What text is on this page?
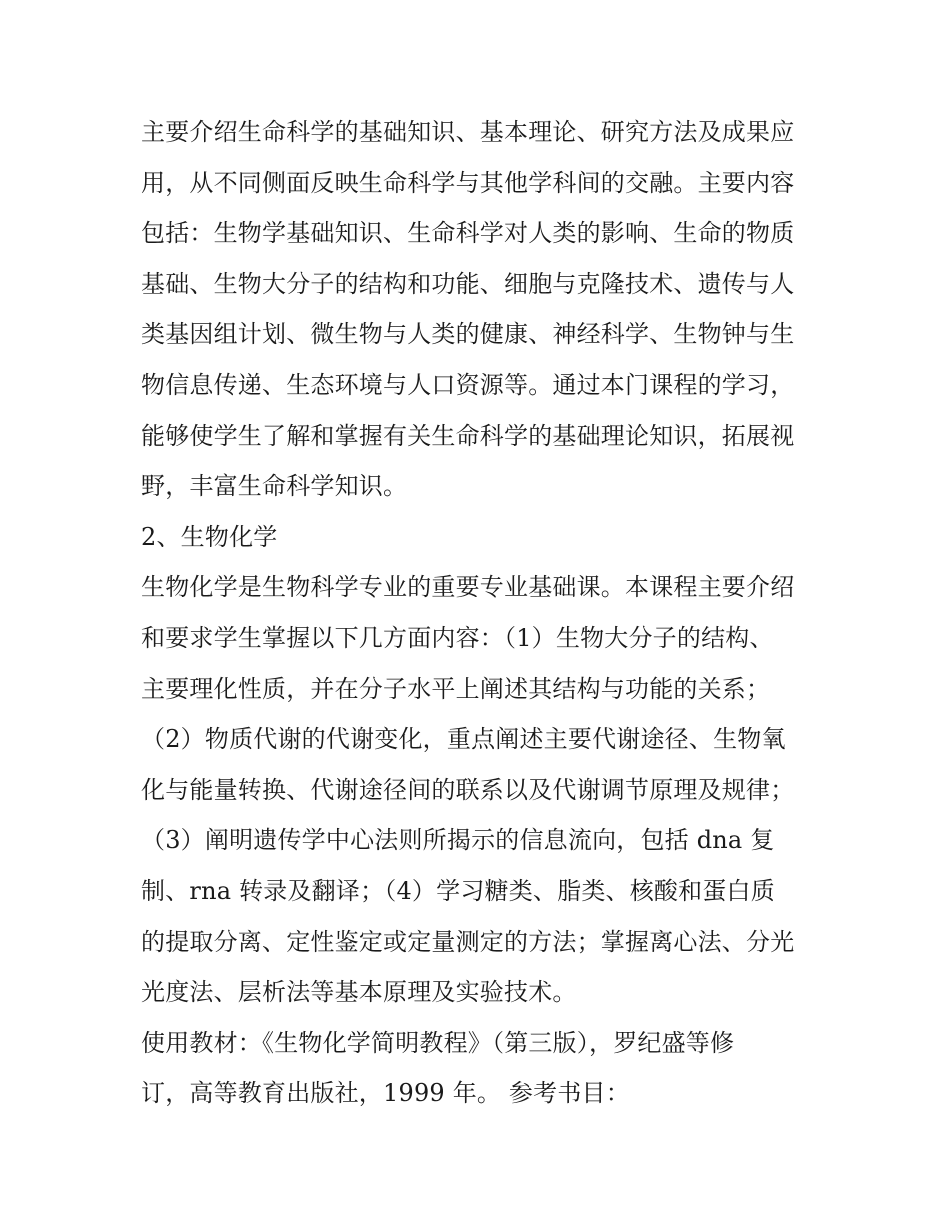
主要介绍生命科学的基础知识、基本理论、研究方法及成果应
用，从不同侧面反映生命科学与其他学科间的交融。主要内容
包括：生物学基础知识、生命科学对人类的影响、生命的物质
基础、生物大分子的结构和功能、细胞与克隆技术、遗传与人
类基因组计划、微生物与人类的健康、神经科学、生物钟与生
物信息传递、生态环境与人口资源等。通过本门课程的学习，
能够使学生了解和掌握有关生命科学的基础理论知识，拓展视
野，丰富生命科学知识。
2、生物化学
生物化学是生物科学专业的重要专业基础课。本课程主要介绍
和要求学生掌握以下几方面内容：（1）生物大分子的结构、
主要理化性质，并在分子水平上阐述其结构与功能的关系；
（2）物质代谢的代谢变化，重点阐述主要代谢途径、生物氧
化与能量转换、代谢途径间的联系以及代谢调节原理及规律；
（3）阐明遗传学中心法则所揭示的信息流向，包括 dna 复
制、rna 转录及翻译；（4）学习糖类、脂类、核酸和蛋白质
的提取分离、定性鉴定或定量测定的方法；掌握离心法、分光
光度法、层析法等基本原理及实验技术。
使用教材：《生物化学简明教程》（第三版），罗纪盛等修
订，高等教育出版社，1999 年。 参考书目：
